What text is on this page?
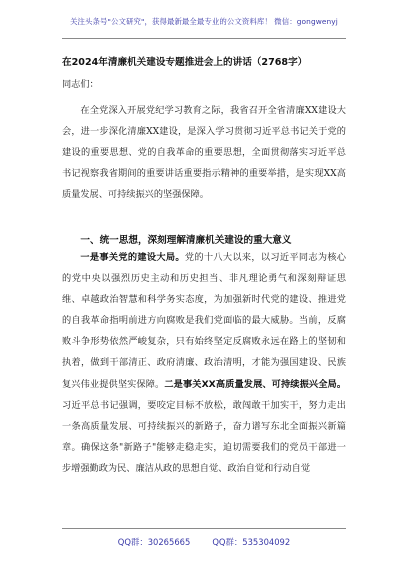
关注头条号"公文研究"，获得最新最全最专业的公文资料库！ 微信：gongwenyj
在2024年清廉机关建设专题推进会上的讲话（2768字）
同志们：

在全党深入开展党纪学习教育之际，我省召开全省清廉XX建设大会，进一步深化清廉XX建设，是深入学习贯彻习近平总书记关于党的建设的重要思想、党的自我革命的重要思想，全面贯彻落实习近平总书记视察我省期间的重要讲话重要指示精神的重要举措，是实现XX高质量发展、可持续振兴的坚强保障。

一、统一思想，深刻理解清廉机关建设的重大意义

一是事关党的建设大局。党的十八大以来，以习近平同志为核心的党中央以强烈历史主动和历史担当、非凡理论勇气和深刻辩证思维、卓越政治智慧和科学务实态度，为加强新时代党的建设、推进党的自我革命指明前进方向腐败是我们党面临的最大威胁。当前，反腐败斗争形势依然严峻复杂，只有始终坚定反腐败永远在路上的坚韧和执着，做到干部清正、政府清廉、政治清明，才能为强国建设、民族复兴伟业提供坚实保障。二是事关XX高质量发展、可持续振兴全局。习近平总书记强调，要咬定目标不放松，敢闯敢干加实干，努力走出一条高质量发展、可持续振兴的新路子，奋力谱写东北全面振兴新篇章。确保这条"新路子"能够走稳走实，迫切需要我们的党员干部进一步增强勤政为民、廉洁从政的思想自觉、政治自觉和行动自觉

QQ群：30265665	QQ群：535304092
